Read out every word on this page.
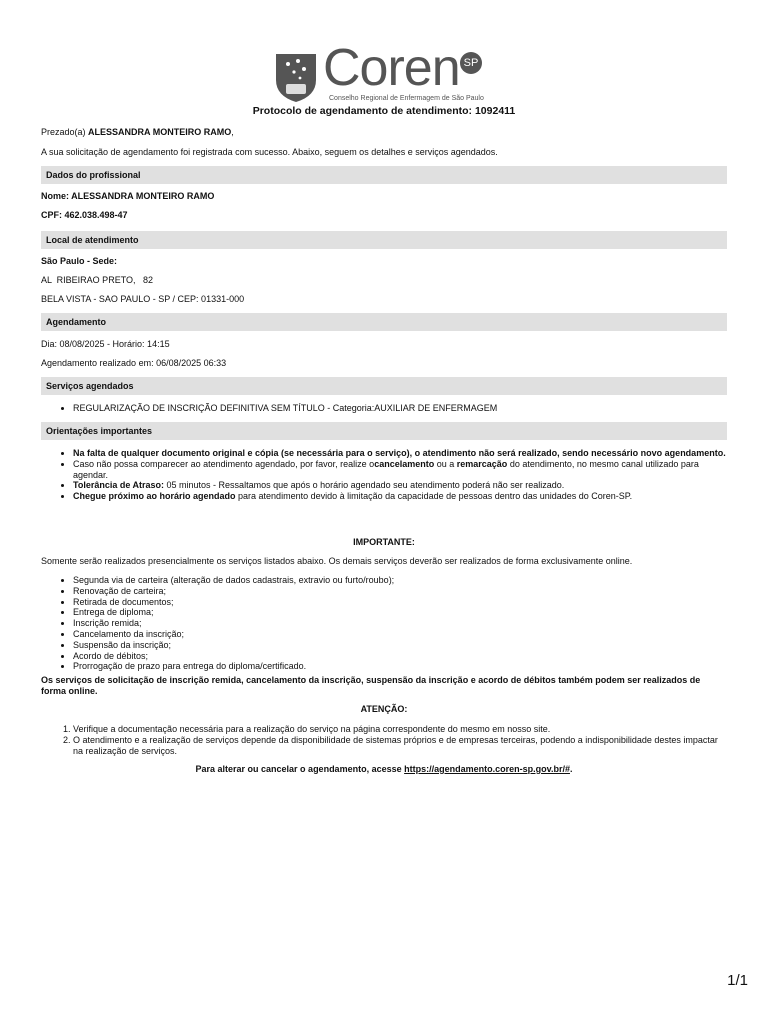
Coren SP
Conselho Regional de Enfermagem de São Paulo
Protocolo de agendamento de atendimento: 1092411
Prezado(a) ALESSANDRA MONTEIRO RAMO,
A sua solicitação de agendamento foi registrada com sucesso. Abaixo, seguem os detalhes e serviços agendados.
Dados do profissional
Nome: ALESSANDRA MONTEIRO RAMO
CPF: 462.038.498-47
Local de atendimento
São Paulo - Sede:
AL  RIBEIRAO PRETO,   82
BELA VISTA - SAO PAULO - SP / CEP: 01331-000
Agendamento
Dia: 08/08/2025 - Horário: 14:15
Agendamento realizado em: 06/08/2025 06:33
Serviços agendados
• REGULARIZAÇÃO DE INSCRIÇÃO DEFINITIVA SEM TÍTULO - Categoria:AUXILIAR DE ENFERMAGEM
Orientações importantes
• Na falta de qualquer documento original e cópia (se necessária para o serviço), o atendimento não será realizado, sendo necessário novo agendamento.
• Caso não possa comparecer ao atendimento agendado, por favor, realize ocancelamento ou a remarcação do atendimento, no mesmo canal utilizado para agendar.
• Tolerância de Atraso: 05 minutos - Ressaltamos que após o horário agendado seu atendimento poderá não ser realizado.
• Chegue próximo ao horário agendado para atendimento devido à limitação da capacidade de pessoas dentro das unidades do Coren-SP.
IMPORTANTE:
Somente serão realizados presencialmente os serviços listados abaixo. Os demais serviços deverão ser realizados de forma exclusivamente online.
• Segunda via de carteira (alteração de dados cadastrais, extravio ou furto/roubo);
• Renovação de carteira;
• Retirada de documentos;
• Entrega de diploma;
• Inscrição remida;
• Cancelamento da inscrição;
• Suspensão da inscrição;
• Acordo de débitos;
• Prorrogação de prazo para entrega do diploma/certificado.
Os serviços de solicitação de inscrição remida, cancelamento da inscrição, suspensão da inscrição e acordo de débitos também podem ser realizados de forma online.
ATENÇÃO:
1. Verifique a documentação necessária para a realização do serviço na página correspondente do mesmo em nosso site.
2. O atendimento e a realização de serviços depende da disponibilidade de sistemas próprios e de empresas terceiras, podendo a indisponibilidade destes impactar na realização de serviços.
Para alterar ou cancelar o agendamento, acesse https://agendamento.coren-sp.gov.br/#.
1/1
